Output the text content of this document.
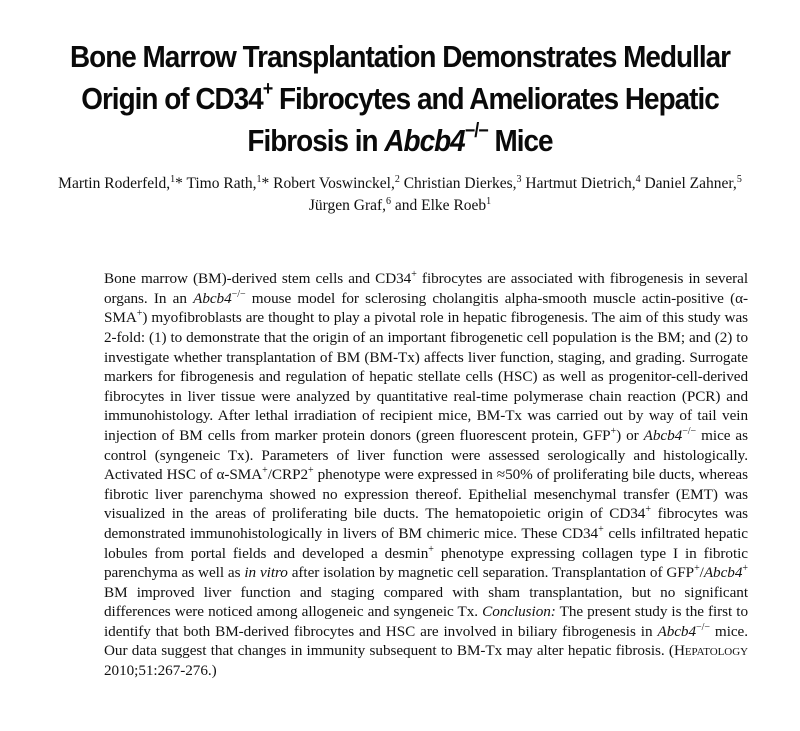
Bone Marrow Transplantation Demonstrates Medullar Origin of CD34+ Fibrocytes and Ameliorates Hepatic Fibrosis in Abcb4−/− Mice
Martin Roderfeld,$^1$* Timo Rath,$^1$* Robert Voswinckel,$^2$ Christian Dierkes,$^3$ Hartmut Dietrich,$^4$ Daniel Zahner,$^5$
Jürgen Graf,$^6$ and Elke Roeb$^1$

Bone marrow (BM)-derived stem cells and CD34+ fibrocytes are associated with fibrogenesis in several organs. In an Abcb4−/− mouse model for sclerosing cholangitis alpha-smooth muscle actin-positive (α-SMA+) myofibroblasts are thought to play a pivotal role in hepatic fibrogenesis. The aim of this study was 2-fold: (1) to demonstrate that the origin of an important fibrogenetic cell population is the BM; and (2) to investigate whether transplantation of BM (BM-Tx) affects liver function, staging, and grading. Surrogate markers for fibrogenesis and regulation of hepatic stellate cells (HSC) as well as progenitor-cell-derived fibrocytes in liver tissue were analyzed by quantitative real-time polymerase chain reaction (PCR) and immunohistology. After lethal irradiation of recipient mice, BM-Tx was carried out by way of tail vein injection of BM cells from marker protein donors (green fluorescent protein, GFP+) or Abcb4−/− mice as control (syngeneic Tx). Parameters of liver function were assessed serologically and histologically. Activated HSC of α-SMA+/CRP2+ phenotype were expressed in ≈50% of proliferating bile ducts, whereas fibrotic liver parenchyma showed no expression thereof. Epithelial mesenchymal transfer (EMT) was visualized in the areas of proliferating bile ducts. The hematopoietic origin of CD34+ fibrocytes was demonstrated immunohistologically in livers of BM chimeric mice. These CD34+ cells infiltrated hepatic lobules from portal fields and developed a desmin+ phenotype expressing collagen type I in fibrotic parenchyma as well as in vitro after isolation by magnetic cell separation. Transplantation of GFP+/Abcb4+ BM improved liver function and staging compared with sham transplantation, but no significant differences were noticed among allogeneic and syngeneic Tx. Conclusion: The present study is the first to identify that both BM-derived fibrocytes and HSC are involved in biliary fibrogenesis in Abcb4−/− mice. Our data suggest that changes in immunity subsequent to BM-Tx may alter hepatic fibrosis. (Hepatology 2010;51:267-276.)
